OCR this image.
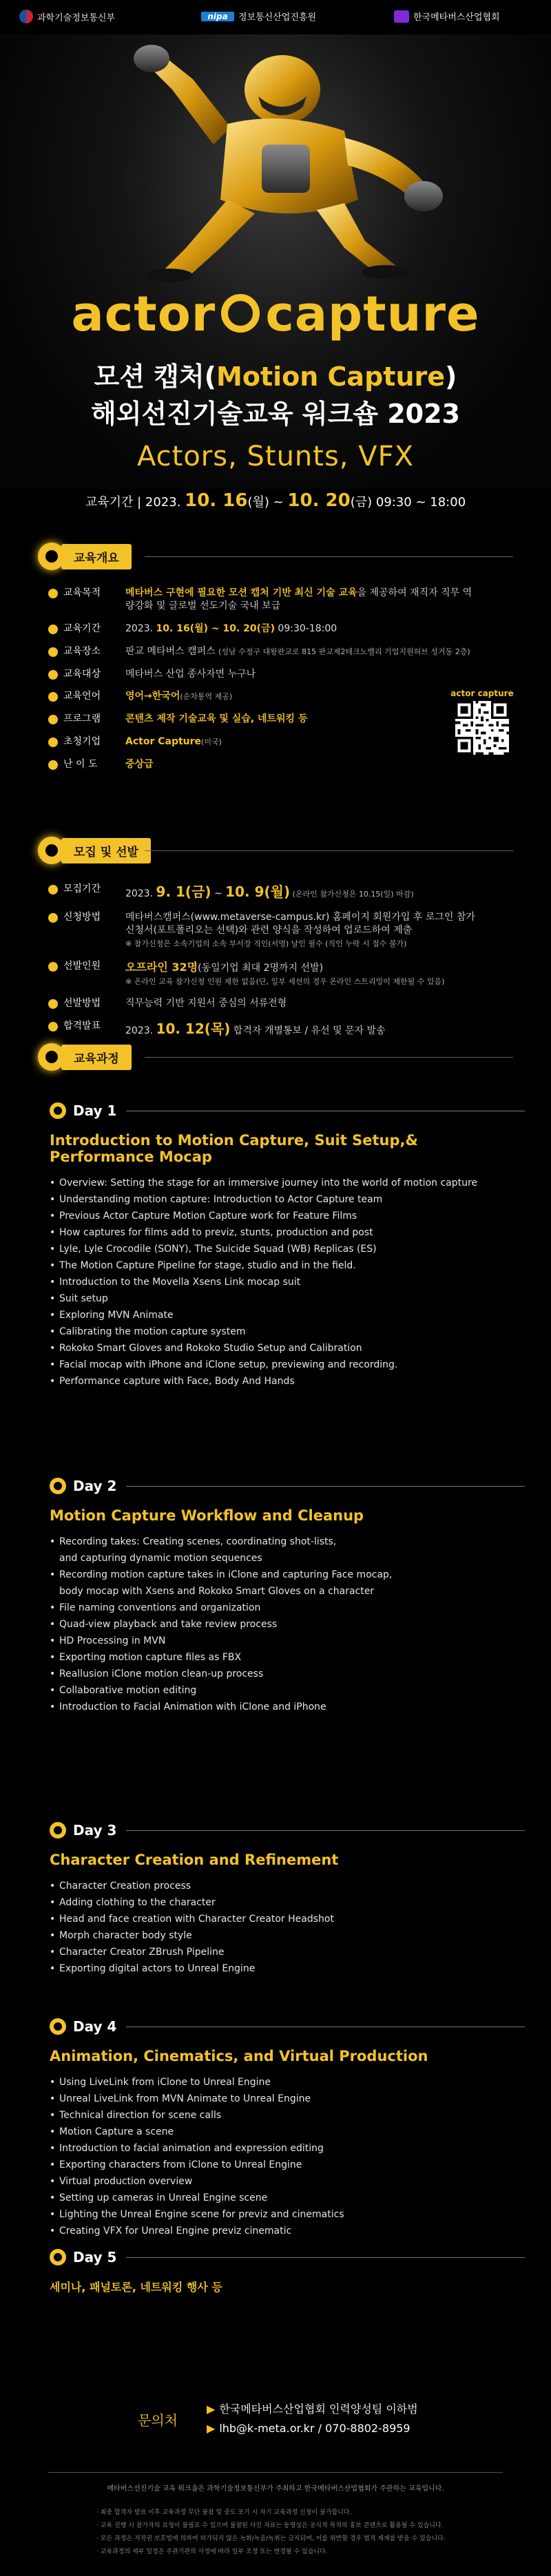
과학기술정보통신부	nipa	정보통신산업진흥원	한국메타버스산업협회
actor capture
모션 캡처(Motion Capture)
해외선진기술교육 워크숍 2023
Actors, Stunts, VFX
교육기간 | 2023. 10. 16(월) ~ 10. 20(금) 09:30 ~ 18:00
교육개요
교육목적	메타버스 구현에 필요한 모션 캡처 기반 최신 기술 교육을 제공하여 재직자 직무 역량강화 및 글로벌 선도기술 국내 보급
교육기간	2023. 10. 16(월) ~ 10. 20(금) 09:30-18:00
교육장소	판교 메타버스 캠퍼스 (성남 수정구 대왕판교로 815 판교제2테크노밸리 기업지원허브 성거동 2층)
교육대상	메타버스 산업 종사자면 누구나
교육언어	영어→한국어(순차통역 제공)
프로그램	콘텐츠 제작 기술교육 및 실습, 네트워킹 등
초청기업	Actor Capture(미국)
난 이 도	중상급
actor capture
모집 및 선발
모집기간	2023. 9. 1(금) ~ 10. 9(월) (온라인 참가신청은 10.15(일) 마감)
신청방법	메타버스캠퍼스(www.metaverse-campus.kr) 홈페이지 회원가입 후 로그인 참가신청서(포트폴리오는 선택)와 관련 양식을 작성하여 업로드하여 제출
※ 참가신청은 소속기업의 소속 부서장 직인(서명) 날인 필수 (직인 누락 시 접수 불가)
선발인원	오프라인 32명(동일기업 최대 2명까지 선발)
※ 온라인 교육 참가신청 인원 제한 없음(단, 일부 세션의 경우 온라인 스트리밍이 제한될 수 있음)
선발방법	직무능력 기반 지원서 중심의 서류전형
합격발표	2023. 10. 12(목) 합격자 개별통보 / 유선 및 문자 발송
교육과정
Day 1
Introduction to Motion Capture, Suit Setup,& Performance Mocap
• Overview: Setting the stage for an immersive journey into the world of motion capture
• Understanding motion capture: Introduction to Actor Capture team
• Previous Actor Capture Motion Capture work for Feature Films
• How captures for films add to previz, stunts, production and post
• Lyle, Lyle Crocodile (SONY), The Suicide Squad (WB) Replicas (ES)
• The Motion Capture Pipeline for stage, studio and in the field.
• Introduction to the Movella Xsens Link mocap suit
• Suit setup
• Exploring MVN Animate
• Calibrating the motion capture system
• Rokoko Smart Gloves and Rokoko Studio Setup and Calibration
• Facial mocap with iPhone and iClone setup, previewing and recording.
• Performance capture with Face, Body And Hands
Day 2
Motion Capture Workflow and Cleanup
• Recording takes: Creating scenes, coordinating shot-lists,
and capturing dynamic motion sequences
• Recording motion capture takes in iClone and capturing Face mocap,
body mocap with Xsens and Rokoko Smart Gloves on a character
• File naming conventions and organization
• Quad-view playback and take review process
• HD Processing in MVN
• Exporting motion capture files as FBX
• Reallusion iClone motion clean-up process
• Collaborative motion editing
• Introduction to Facial Animation with iClone and iPhone
Day 3
Character Creation and Refinement
• Character Creation process
• Adding clothing to the character
• Head and face creation with Character Creator Headshot
• Morph character body style
• Character Creator ZBrush Pipeline
• Exporting digital actors to Unreal Engine
Day 4
Animation, Cinematics, and Virtual Production
• Using LiveLink from iClone to Unreal Engine
• Unreal LiveLink from MVN Animate to Unreal Engine
• Technical direction for scene calls
• Motion Capture a scene
• Introduction to facial animation and expression editing
• Exporting characters from iClone to Unreal Engine
• Virtual production overview
• Setting up cameras in Unreal Engine scene
• Lighting the Unreal Engine scene for previz and cinematics
• Creating VFX for Unreal Engine previz cinematic
Day 5
세미나, 패널토론, 네트워킹 행사 등
문의처
▶ 한국메타버스산업협회 인력양성팀 이하범
▶ lhb@k-meta.or.kr / 070-8802-8959
메타버스선진기술 교육 워크숍은 과학기술정보통신부가 주최하고 한국메타버스산업협회가 주관하는 교육입니다.
· 최종 합격자 발표 이후 교육과정 무단 불참 및 중도 포기 시 차기 교육과정 신청이 불가합니다.
· 교육 진행 시 참가자의 요청이 불필요 수 있으며 불참된 사진 자료는 동영상은 공식적 목적의 홍보 콘텐츠로 활용될 수 있습니다.
· 모든 과정은 저작권 보호법에 의하여 허가되지 않은 녹화/녹음/녹취는 금지되며, 이를 위반할 경우 법적 제재를 받을 수 있습니다.
· 교육과정의 세부 일정은 주관기관의 사정에 따라 일부 조정 또는 변경될 수 있습니다.
